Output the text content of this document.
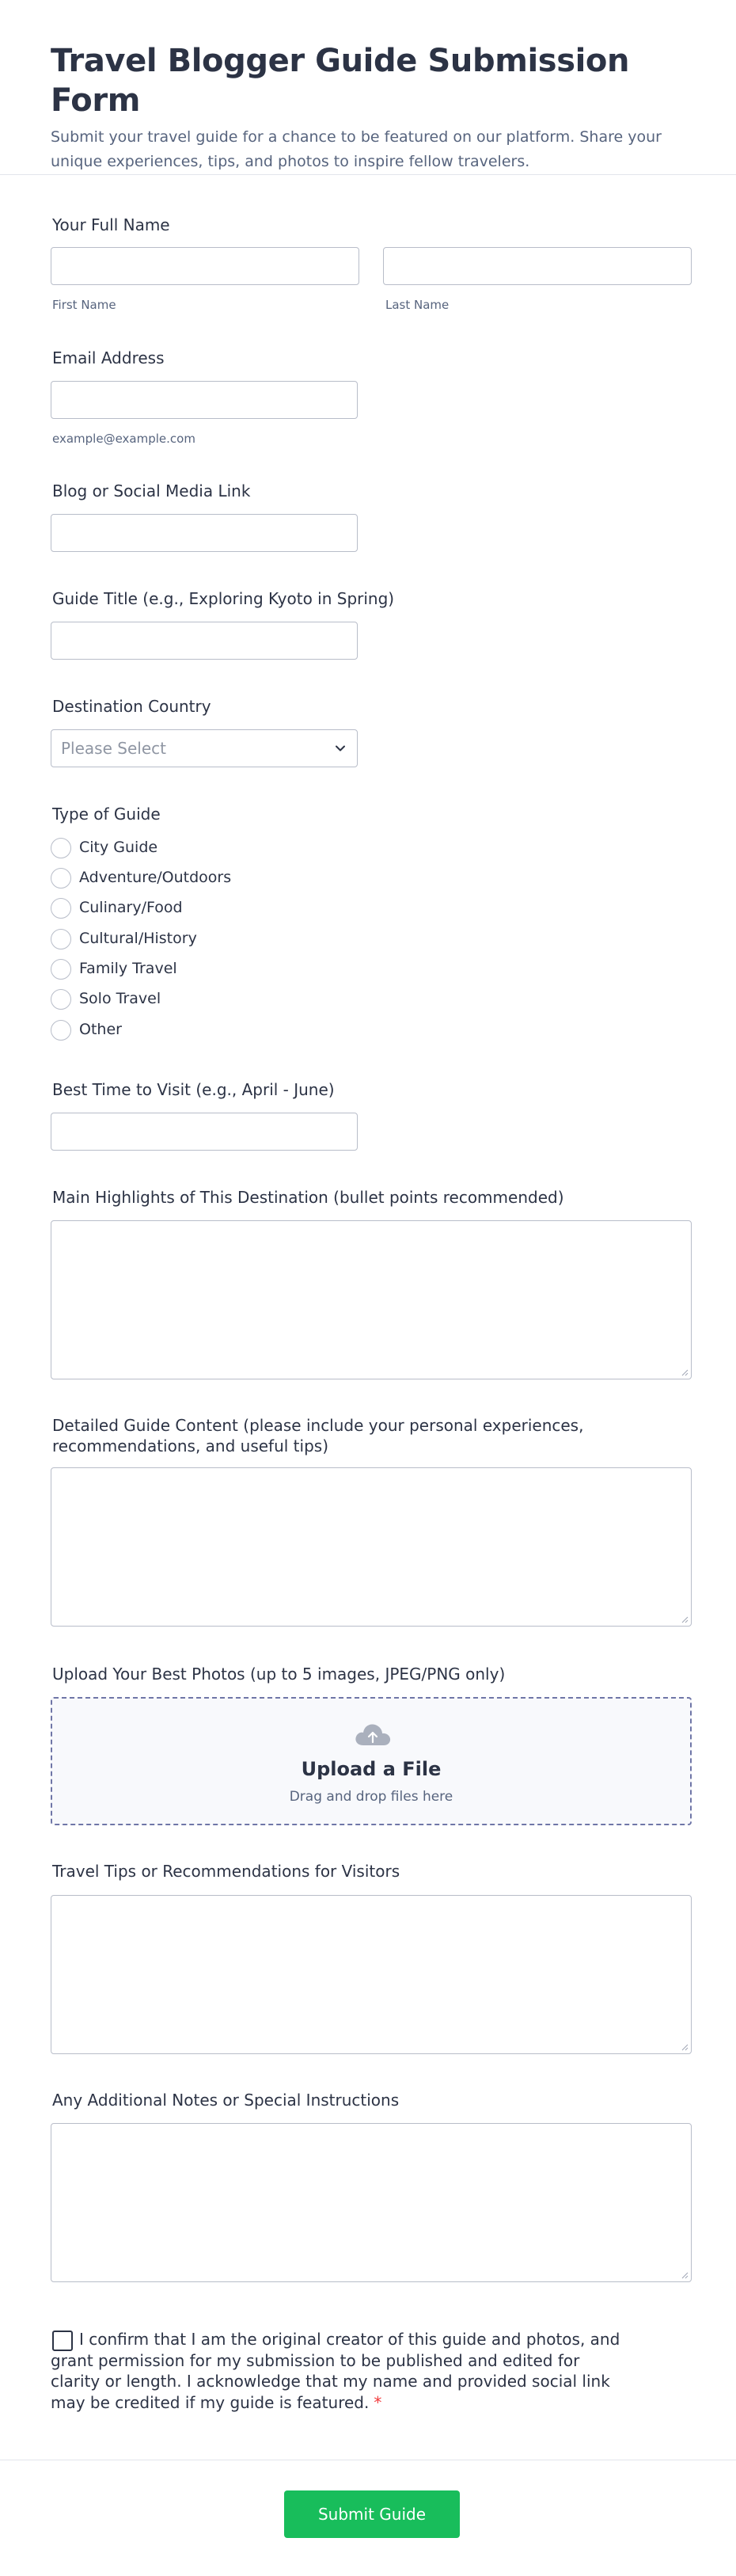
Travel Blogger Guide Submission Form

Submit your travel guide for a chance to be featured on our platform. Share your unique experiences, tips, and photos to inspire fellow travelers.

Your Full Name
First Name	Last Name
Email Address
example@example.com
Blog or Social Media Link
Guide Title (e.g., Exploring Kyoto in Spring)
Destination Country
Please Select
Type of Guide
City Guide
Adventure/Outdoors
Culinary/Food
Cultural/History
Family Travel
Solo Travel
Other
Best Time to Visit (e.g., April - June)
Main Highlights of This Destination (bullet points recommended)
Detailed Guide Content (please include your personal experiences, recommendations, and useful tips)
Upload Your Best Photos (up to 5 images, JPEG/PNG only)
Upload a File
Drag and drop files here
Travel Tips or Recommendations for Visitors
Any Additional Notes or Special Instructions
I confirm that I am the original creator of this guide and photos, and grant permission for my submission to be published and edited for clarity or length. I acknowledge that my name and provided social link may be credited if my guide is featured. *
Submit Guide
